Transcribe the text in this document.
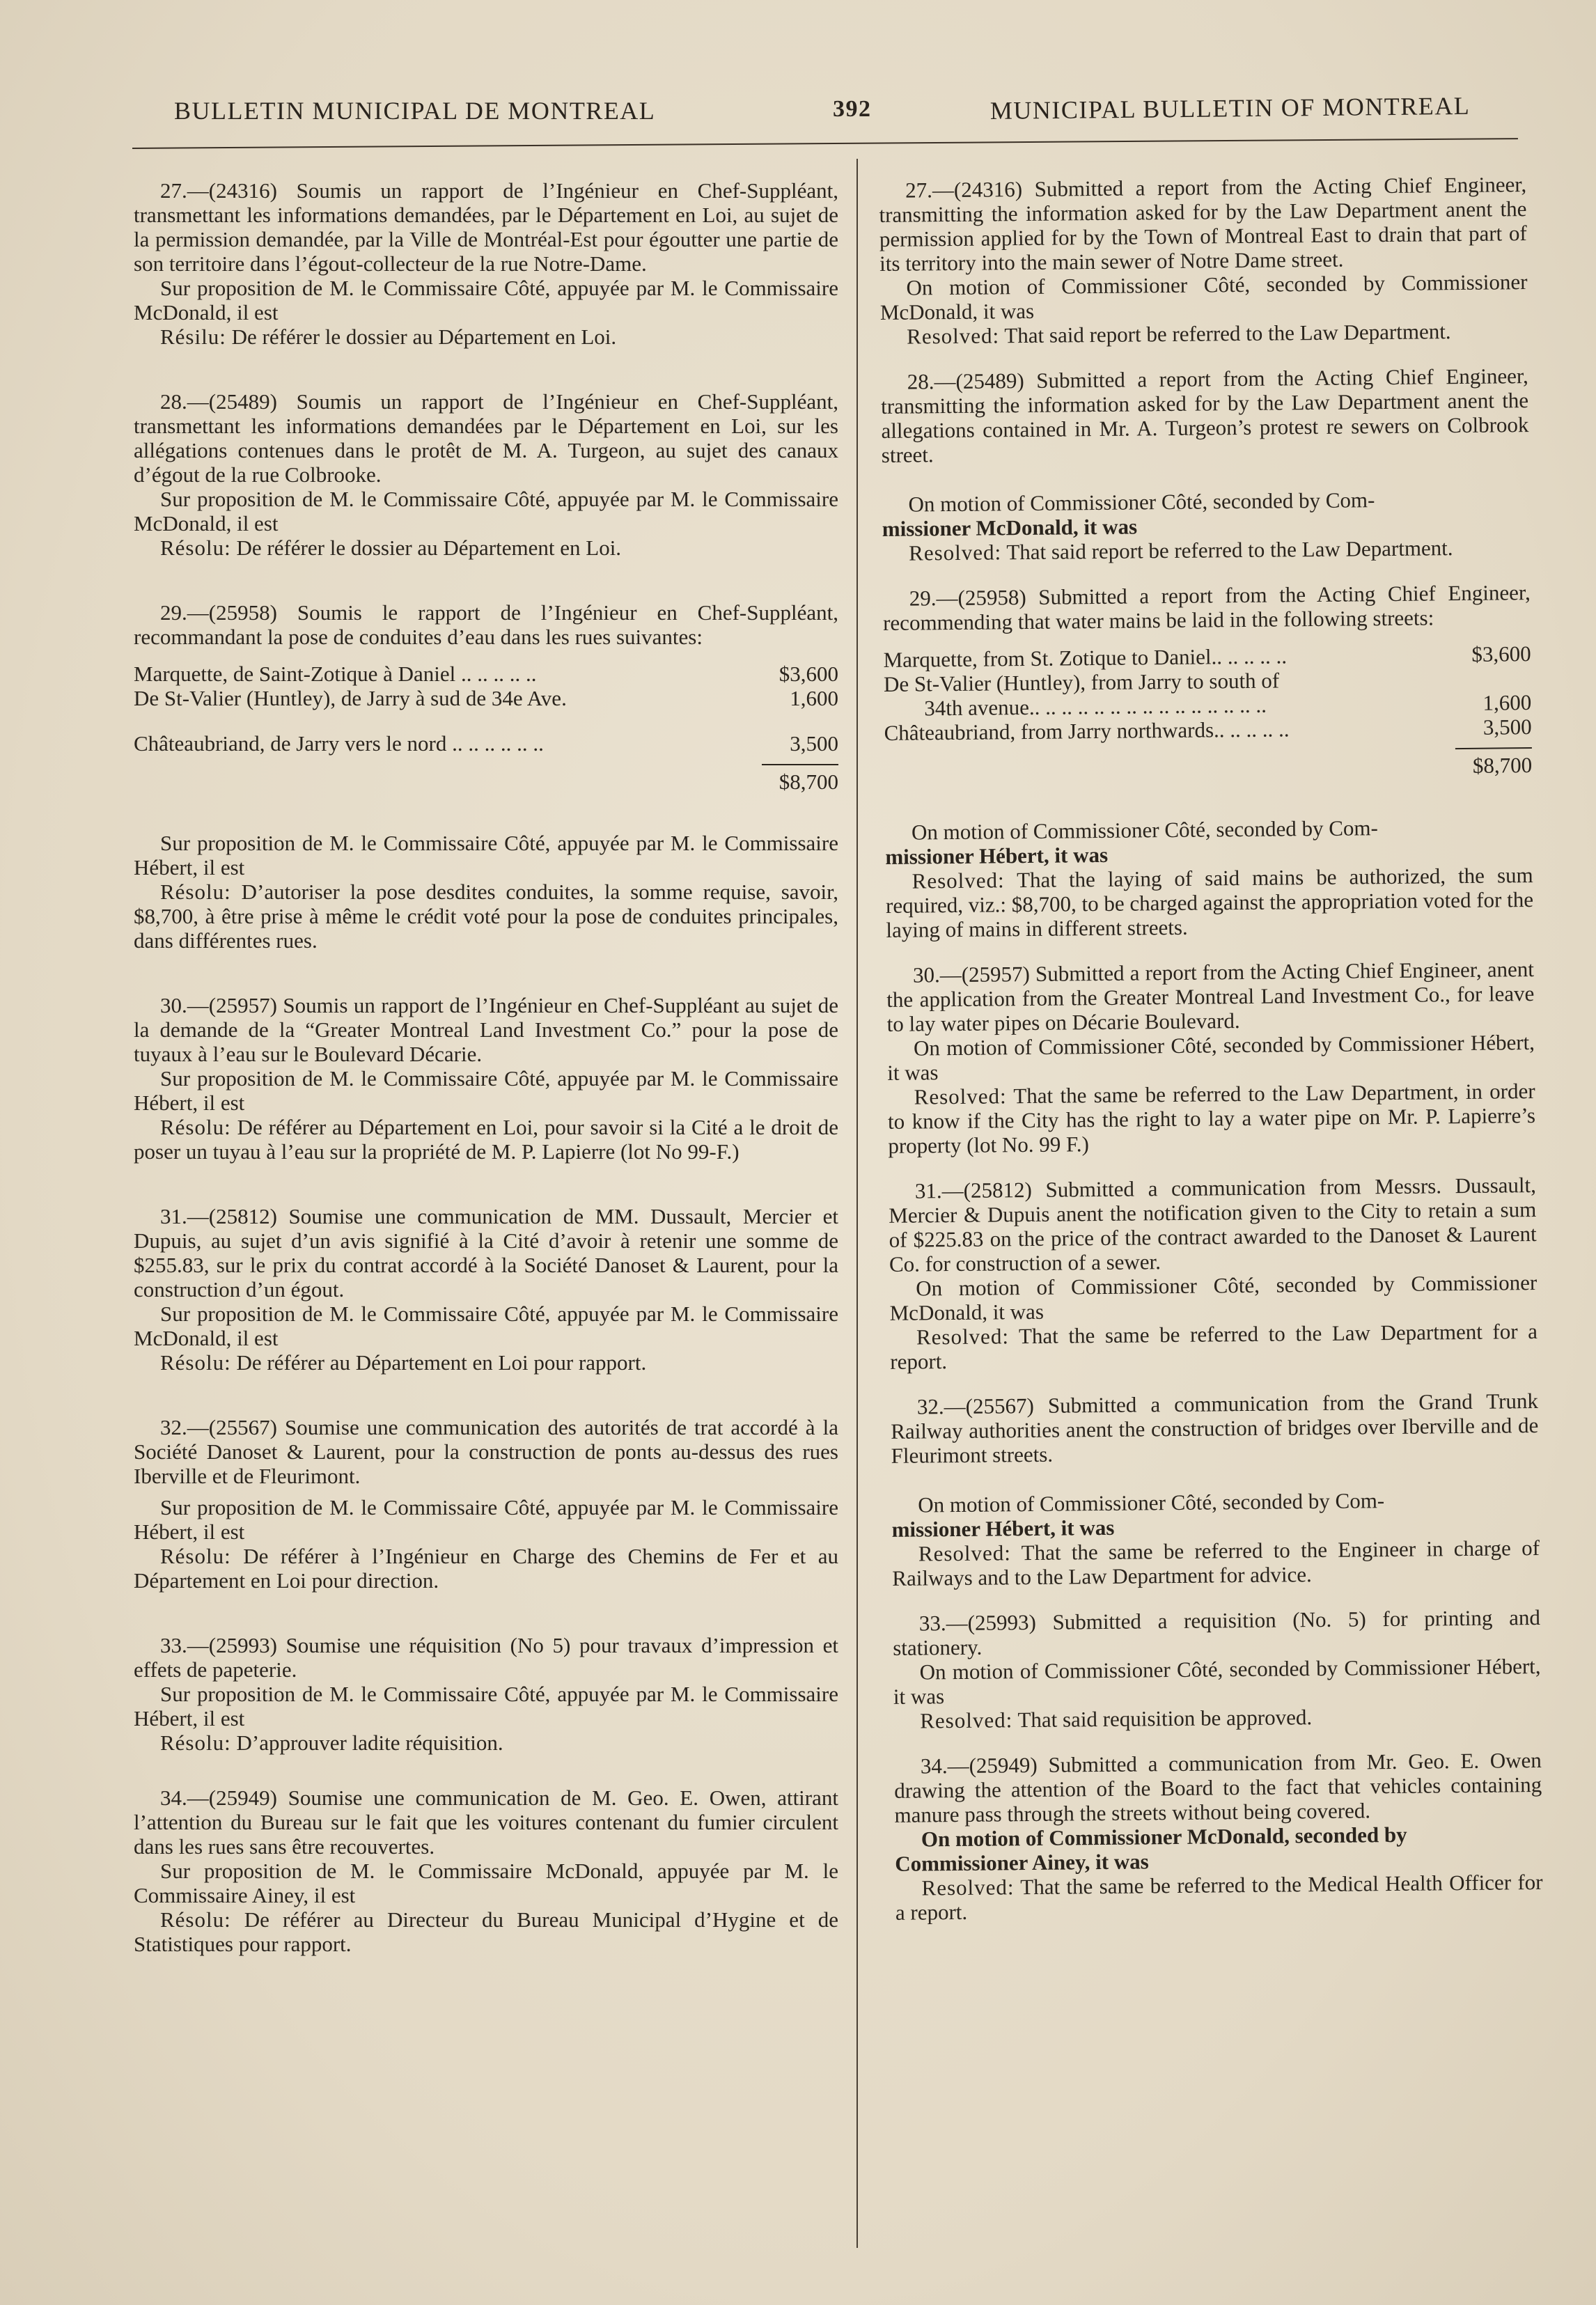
BULLETIN MUNICIPAL DE MONTREAL	392	MUNICIPAL BULLETIN OF MONTREAL

27.—(24316) Soumis un rapport de l’Ingénieur en Chef-Suppléant, transmettant les informations demandées, par le Département en Loi, au sujet de la permission demandée, par la Ville de Montréal-Est pour égoutter une partie de son territoire dans l’égout-collecteur de la rue Notre-Dame.

Sur proposition de M. le Commissaire Côté, appuyée par M. le Commissaire McDonald, il est

Résilu: De référer le dossier au Département en Loi.

28.—(25489) Soumis un rapport de l’Ingénieur en Chef-Suppléant, transmettant les informations demandées par le Département en Loi, sur les allégations contenues dans le protêt de M. A. Turgeon, au sujet des canaux d’égout de la rue Colbrooke.

Sur proposition de M. le Commissaire Côté, appuyée par M. le Commissaire McDonald, il est

Résolu: De référer le dossier au Département en Loi.

29.—(25958) Soumis le rapport de l’Ingénieur en Chef-Suppléant, recommandant la pose de conduites d’eau dans les rues suivantes:

Marquette, de Saint-Zotique à Daniel .. .. .. .. ..	$3,600

De St-Valier (Huntley), de Jarry à sud de 34e Ave.	1,600

Châteaubriand, de Jarry vers le nord .. .. .. .. .. ..	3,500

$8,700

Sur proposition de M. le Commissaire Côté, appuyée par M. le Commissaire Hébert, il est

Résolu: D’autoriser la pose desdites conduites, la somme requise, savoir, $8,700, à être prise à même le crédit voté pour la pose de conduites principales, dans différentes rues.

30.—(25957) Soumis un rapport de l’Ingénieur en Chef-Suppléant au sujet de la demande de la “Greater Montreal Land Investment Co.” pour la pose de tuyaux à l’eau sur le Boulevard Décarie.

Sur proposition de M. le Commissaire Côté, appuyée par M. le Commissaire Hébert, il est

Résolu: De référer au Département en Loi, pour savoir si la Cité a le droit de poser un tuyau à l’eau sur la propriété de M. P. Lapierre (lot No 99-F.)

31.—(25812) Soumise une communication de MM. Dussault, Mercier et Dupuis, au sujet d’un avis signifié à la Cité d’avoir à retenir une somme de $255.83, sur le prix du contrat accordé à la Société Danoset & Laurent, pour la construction d’un égout.

Sur proposition de M. le Commissaire Côté, appuyée par M. le Commissaire McDonald, il est

Résolu: De référer au Département en Loi pour rapport.

32.—(25567) Soumise une communication des autorités de trat accordé à la Société Danoset & Laurent, pour la construction de ponts au-dessus des rues Iberville et de Fleurimont.

Sur proposition de M. le Commissaire Côté, appuyée par M. le Commissaire Hébert, il est

Résolu: De référer à l’Ingénieur en Charge des Chemins de Fer et au Département en Loi pour direction.

33.—(25993) Soumise une réquisition (No 5) pour travaux d’impression et effets de papeterie.

Sur proposition de M. le Commissaire Côté, appuyée par M. le Commissaire Hébert, il est

Résolu: D’approuver ladite réquisition.

34.—(25949) Soumise une communication de M. Geo. E. Owen, attirant l’attention du Bureau sur le fait que les voitures contenant du fumier circulent dans les rues sans être recouvertes.

Sur proposition de M. le Commissaire McDonald, appuyée par M. le Commissaire Ainey, il est

Résolu: De référer au Directeur du Bureau Municipal d’Hygine et de Statistiques pour rapport.

27.—(24316) Submitted a report from the Acting Chief Engineer, transmitting the information asked for by the Law Department anent the permission applied for by the Town of Montreal East to drain that part of its territory into the main sewer of Notre Dame street.

On motion of Commissioner Côté, seconded by Commissioner McDonald, it was

Resolved: That said report be referred to the Law Department.

28.—(25489) Submitted a report from the Acting Chief Engineer, transmitting the information asked for by the Law Department anent the allegations contained in Mr. A. Turgeon’s protest re sewers on Colbrook street.

On motion of Commissioner Côté, seconded by Com-
missioner McDonald, it was

Resolved: That said report be referred to the Law Department.

29.—(25958) Submitted a report from the Acting Chief Engineer, recommending that water mains be laid in the following streets:

Marquette, from St. Zotique to Daniel.. .. .. .. ..	$3,600

De St-Valier (Huntley), from Jarry to south of

34th avenue.. .. .. .. .. .. .. .. .. .. .. .. .. .. ..	1,600

Châteaubriand, from Jarry northwards.. .. .. .. ..	3,500

$8,700

On motion of Commissioner Côté, seconded by Com-
missioner Hébert, it was

Resolved: That the laying of said mains be authorized, the sum required, viz.: $8,700, to be charged against the appropriation voted for the laying of mains in different streets.

30.—(25957) Submitted a report from the Acting Chief Engineer, anent the application from the Greater Montreal Land Investment Co., for leave to lay water pipes on Décarie Boulevard.

On motion of Commissioner Côté, seconded by Commissioner Hébert, it was

Resolved: That the same be referred to the Law Department, in order to know if the City has the right to lay a water pipe on Mr. P. Lapierre’s property (lot No. 99 F.)

31.—(25812) Submitted a communication from Messrs. Dussault, Mercier & Dupuis anent the notification given to the City to retain a sum of $225.83 on the price of the contract awarded to the Danoset & Laurent Co. for construction of a sewer.

On motion of Commissioner Côté, seconded by Commissioner McDonald, it was

Resolved: That the same be referred to the Law Department for a report.

32.—(25567) Submitted a communication from the Grand Trunk Railway authorities anent the construction of bridges over Iberville and de Fleurimont streets.

On motion of Commissioner Côté, seconded by Com-
missioner Hébert, it was

Resolved: That the same be referred to the Engineer in charge of Railways and to the Law Department for advice.

33.—(25993) Submitted a requisition (No. 5) for printing and stationery.

On motion of Commissioner Côté, seconded by Commissioner Hébert, it was

Resolved: That said requisition be approved.

34.—(25949) Submitted a communication from Mr. Geo. E. Owen drawing the attention of the Board to the fact that vehicles containing manure pass through the streets without being covered.

On motion of Commissioner McDonald, seconded by
Commissioner Ainey, it was

Resolved: That the same be referred to the Medical Health Officer for a report.
